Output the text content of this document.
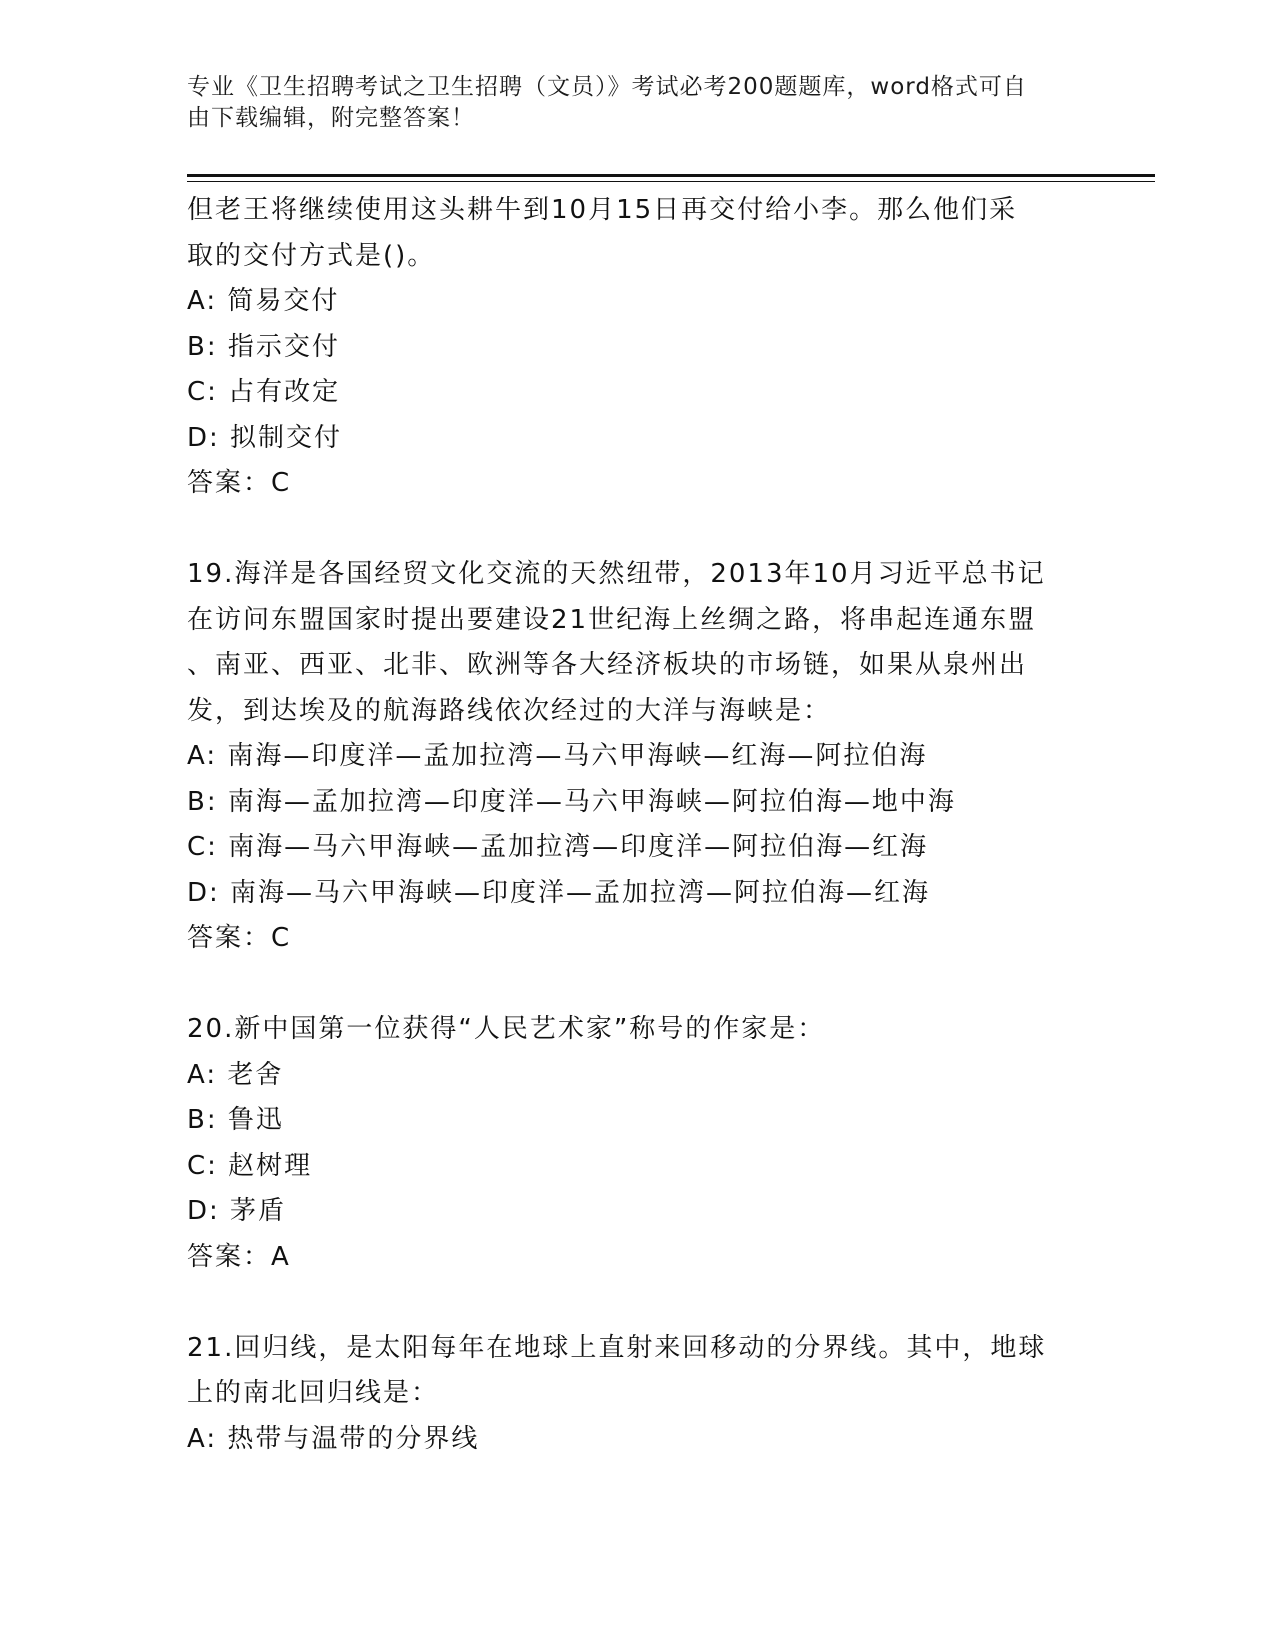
专业《卫生招聘考试之卫生招聘（文员）》考试必考200题题库，word格式可自
由下载编辑，附完整答案！
但老王将继续使用这头耕牛到10月15日再交付给小李。那么他们采
取的交付方式是()。
A: 简易交付
B: 指示交付
C: 占有改定
D: 拟制交付
答案：C
19.海洋是各国经贸文化交流的天然纽带，2013年10月习近平总书记
在访问东盟国家时提出要建设21世纪海上丝绸之路，将串起连通东盟
、南亚、西亚、北非、欧洲等各大经济板块的市场链，如果从泉州出
发，到达埃及的航海路线依次经过的大洋与海峡是：
A: 南海—印度洋—孟加拉湾—马六甲海峡—红海—阿拉伯海
B: 南海—孟加拉湾—印度洋—马六甲海峡—阿拉伯海—地中海
C: 南海—马六甲海峡—孟加拉湾—印度洋—阿拉伯海—红海
D: 南海—马六甲海峡—印度洋—孟加拉湾—阿拉伯海—红海
答案：C
20.新中国第一位获得“人民艺术家”称号的作家是：
A: 老舍
B: 鲁迅
C: 赵树理
D: 茅盾
答案：A
21.回归线，是太阳每年在地球上直射来回移动的分界线。其中，地球
上的南北回归线是：
A: 热带与温带的分界线
